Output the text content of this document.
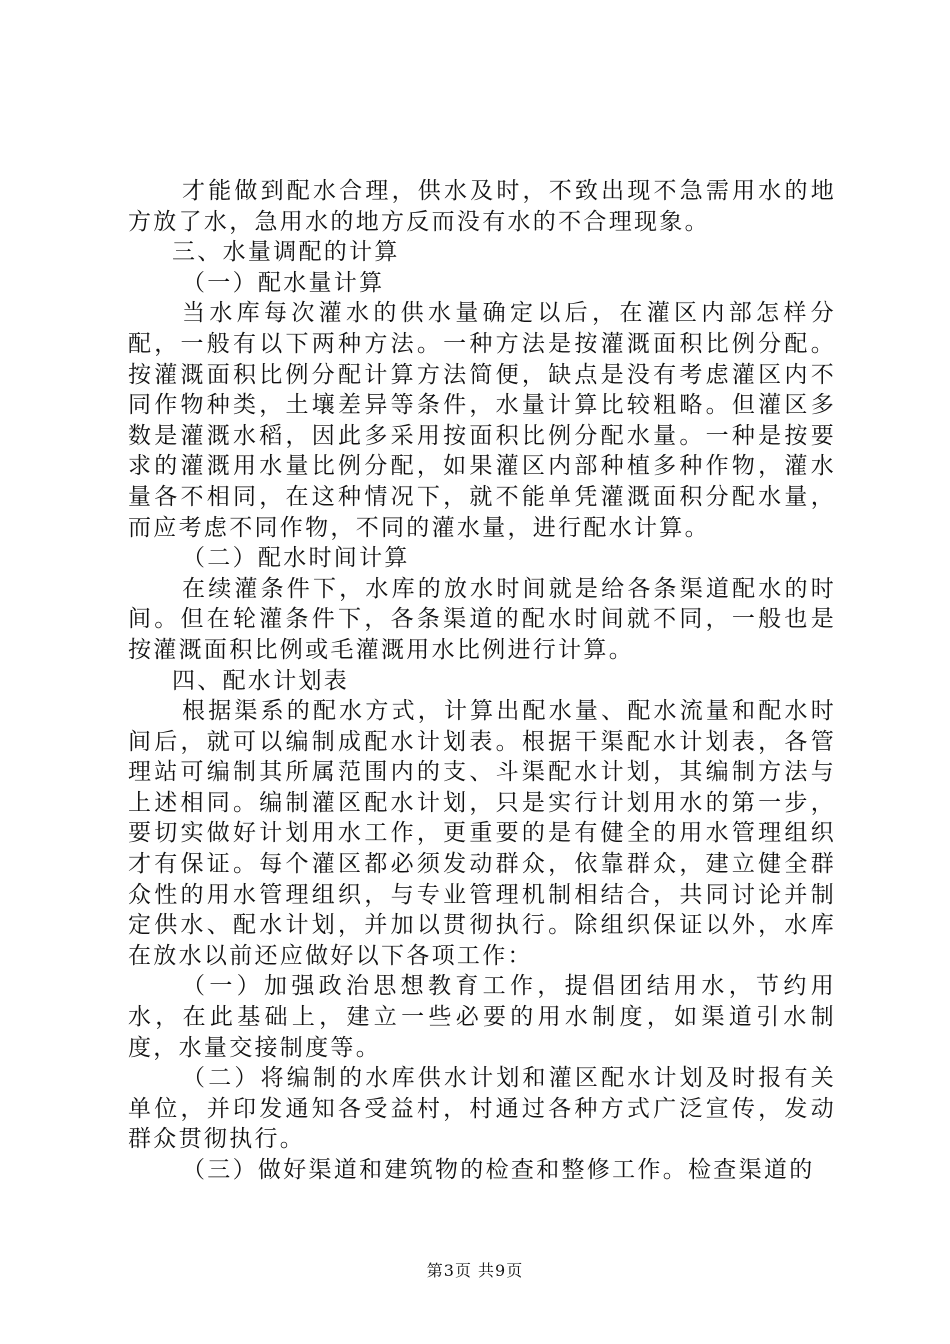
才能做到配水合理，供水及时，不致出现不急需用水的地方放了水，急用水的地方反而没有水的不合理现象。

三、水量调配的计算

（一）配水量计算

当水库每次灌水的供水量确定以后，在灌区内部怎样分配，一般有以下两种方法。一种方法是按灌溉面积比例分配。按灌溉面积比例分配计算方法简便，缺点是没有考虑灌区内不同作物种类，土壤差异等条件，水量计算比较粗略。但灌区多数是灌溉水稻，因此多采用按面积比例分配水量。一种是按要求的灌溉用水量比例分配，如果灌区内部种植多种作物，灌水量各不相同，在这种情况下，就不能单凭灌溉面积分配水量，而应考虑不同作物，不同的灌水量，进行配水计算。

（二）配水时间计算

在续灌条件下，水库的放水时间就是给各条渠道配水的时间。但在轮灌条件下，各条渠道的配水时间就不同，一般也是按灌溉面积比例或毛灌溉用水比例进行计算。

四、配水计划表

根据渠系的配水方式，计算出配水量、配水流量和配水时间后，就可以编制成配水计划表。根据干渠配水计划表，各管理站可编制其所属范围内的支、斗渠配水计划，其编制方法与上述相同。编制灌区配水计划，只是实行计划用水的第一步，要切实做好计划用水工作，更重要的是有健全的用水管理组织才有保证。每个灌区都必须发动群众，依靠群众，建立健全群众性的用水管理组织，与专业管理机制相结合，共同讨论并制定供水、配水计划，并加以贯彻执行。除组织保证以外，水库在放水以前还应做好以下各项工作：

（一）加强政治思想教育工作，提倡团结用水，节约用水，在此基础上，建立一些必要的用水制度，如渠道引水制度，水量交接制度等。

（二）将编制的水库供水计划和灌区配水计划及时报有关单位，并印发通知各受益村，村通过各种方式广泛宣传，发动群众贯彻执行。

（三）做好渠道和建筑物的检查和整修工作。检查渠道的

第3页 共9页
